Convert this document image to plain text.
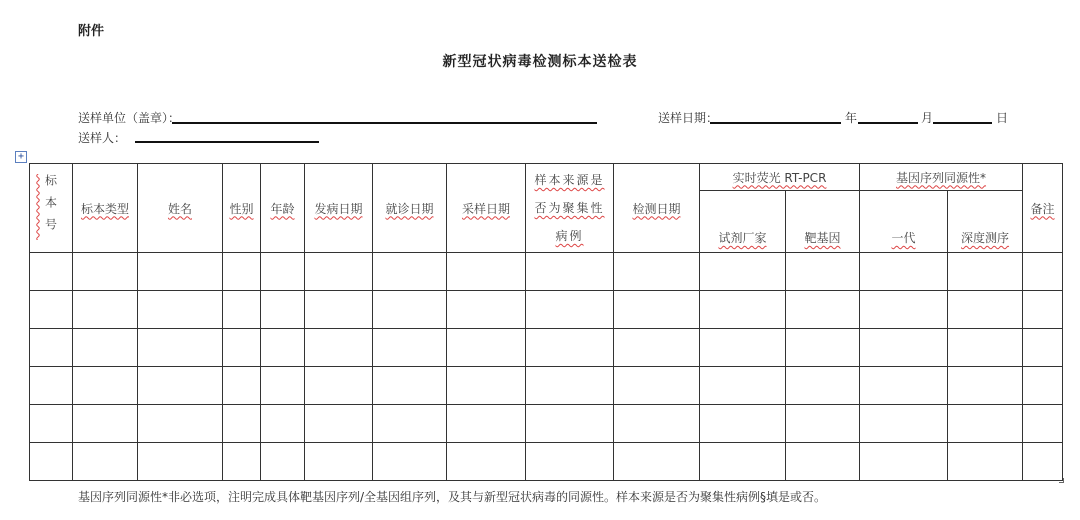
附件
新型冠状病毒检测标本送检表
送样单位（盖章）：	送样日期：	年	月	日
送样人：
+
标本号	标本类型	姓名	性别	年龄	发病日期	就诊日期	采样日期	样本来源是否为聚集性病例	检测日期	实时荧光 RT-PCR		基因序列同源性*		备注
										试剂厂家	靶基因	一代	深度测序	

基因序列同源性*非必选项，注明完成具体靶基因序列/全基因组序列，及其与新型冠状病毒的同源性。样本来源是否为聚集性病例§填是或否。
